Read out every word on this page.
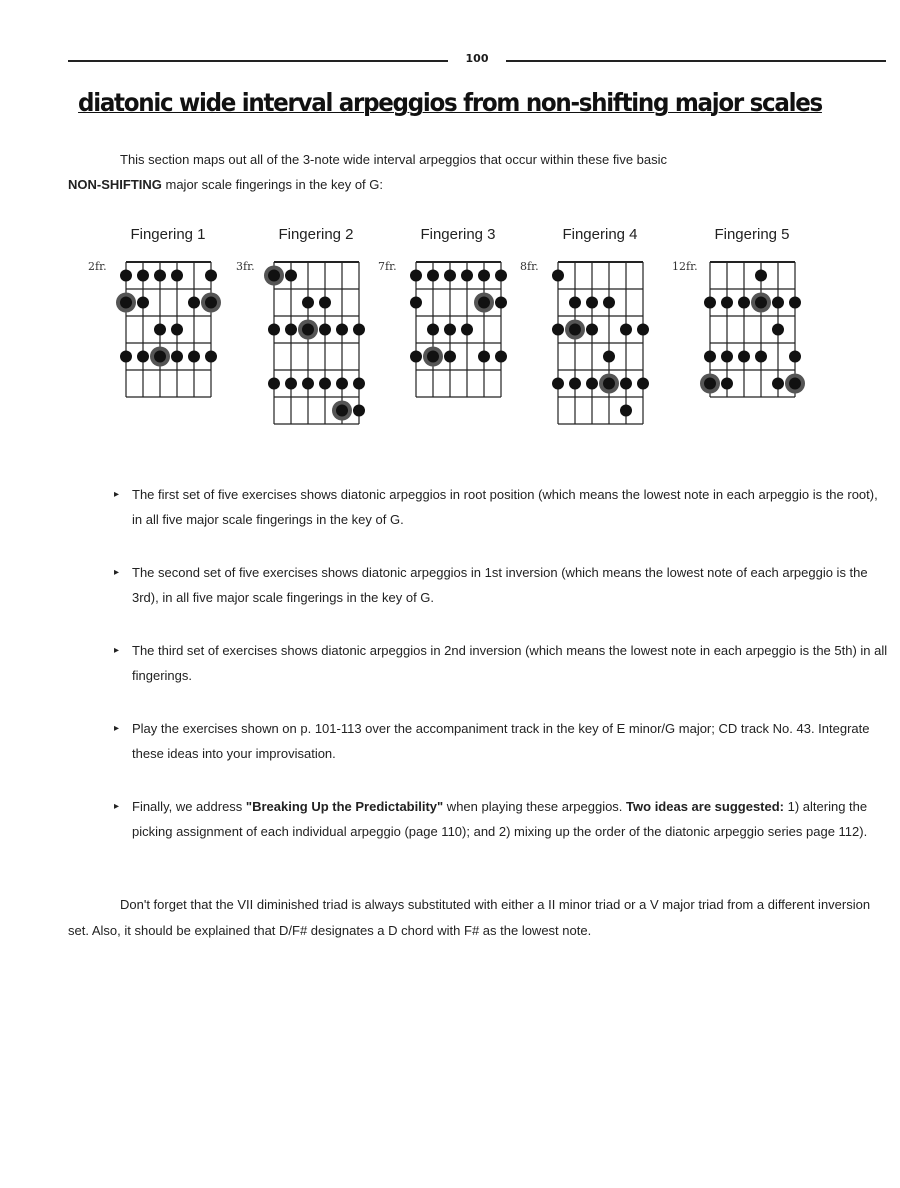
100
diatonic wide interval arpeggios from non-shifting major scales
This section maps out all of the 3-note wide interval arpeggios that occur within these five basic
NON-SHIFTING major scale fingerings in the key of G:
Fingering 1
2fr.
Fingering 2
3fr.
Fingering 3
7fr.
Fingering 4
8fr.
Fingering 5
12fr.
▸ The first set of five exercises shows diatonic arpeggios in root position (which means the lowest note in each arpeggio is the root), in all five major scale fingerings in the key of G.
▸ The second set of five exercises shows diatonic arpeggios in 1st inversion (which means the lowest note of each arpeggio is the 3rd), in all five major scale fingerings in the key of G.
▸ The third set of exercises shows diatonic arpeggios in 2nd inversion (which means the lowest note in each arpeggio is the 5th) in all fingerings.
▸ Play the exercises shown on p. 101-113 over the accompaniment track in the key of E minor/G major; CD track No. 43. Integrate these ideas into your improvisation.
▸ Finally, we address "Breaking Up the Predictability" when playing these arpeggios. Two ideas are suggested: 1) altering the picking assignment of each individual arpeggio (page 110); and 2) mixing up the order of the diatonic arpeggio series page 112).
Don't forget that the VII diminished triad is always substituted with either a II minor triad or a V major triad from a different inversion set. Also, it should be explained that D/F# designates a D chord with F# as the lowest note.
